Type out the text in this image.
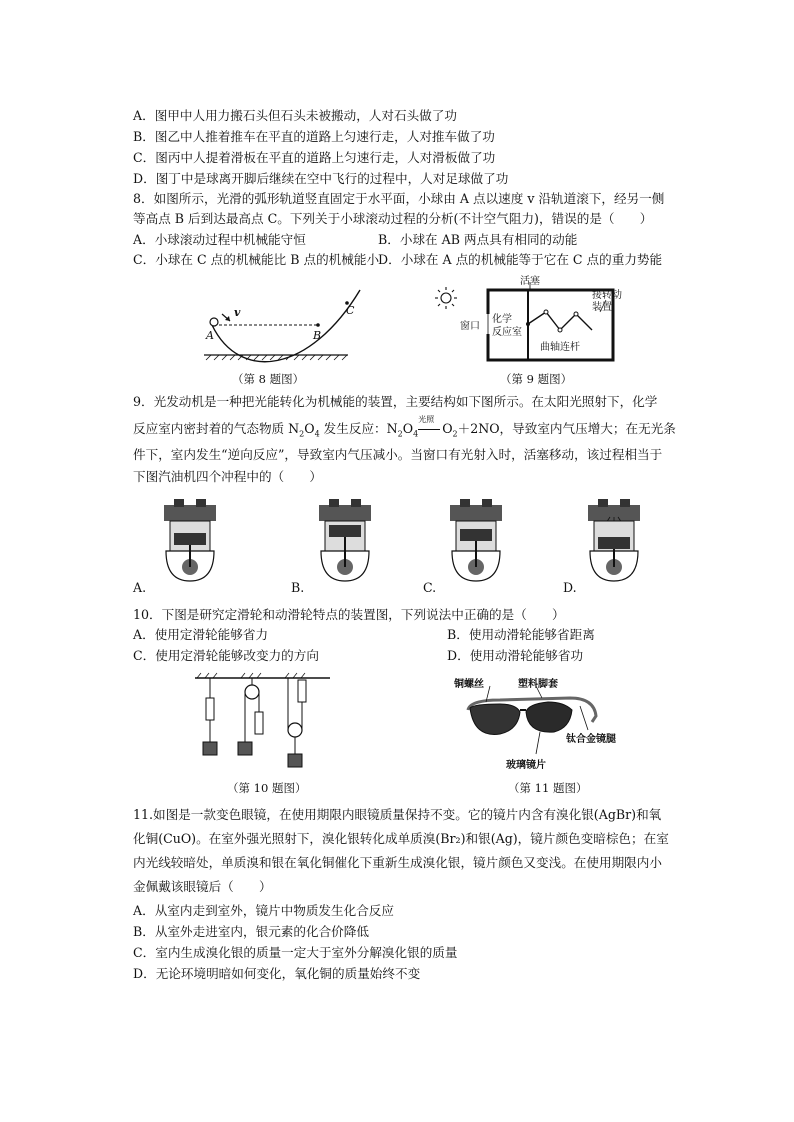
A．图甲中人用力搬石头但石头未被搬动，人对石头做了功
B．图乙中人推着推车在平直的道路上匀速行走，人对推车做了功
C．图丙中人提着滑板在平直的道路上匀速行走，人对滑板做了功
D．图丁中是球离开脚后继续在空中飞行的过程中，人对足球做了功
8．如图所示，光滑的弧形轨道竖直固定于水平面，小球由 A 点以速度 v 沿轨道滚下，经另一侧
等高点 B 后到达最高点 C。下列关于小球滚动过程的分析(不计空气阻力)，错误的是（　　）
A．小球滚动过程中机械能守恒	B．小球在 AB 两点具有相同的动能
C．小球在 C 点的机械能比 B 点的机械能小
D．小球在 A 点的机械能等于它在 C 点的重力势能
v
A	B
C
（第 8 题图）
活塞
窗口
化学
反应室
曲轴连杆
接转动
装置
（第 9 题图）
9．光发动机是一种把光能转化为机械能的装置，主要结构如下图所示。在太阳光照射下，化学
反应室内密封着的气态物质 $N_2O_4$ 发生反应：$N_2O_4$
光照
$O_2+2NO$，导致室内气压增大；在无光条
件下，室内发生“逆向反应”，导致室内气压减小。当窗口有光射入时，活塞移动，该过程相当于
下图汽油机四个冲程中的（　　）
A.	B.	C.	D.
10．下图是研究定滑轮和动滑轮特点的装置图，下列说法中正确的是（　　）
A．使用定滑轮能够省力	B．使用动滑轮能够省距离
C．使用定滑轮能够改变力的方向	D．使用动滑轮能够省功
（第 10 题图）
铜螺丝	塑料脚套
钛合金镜腿
玻璃镜片
（第 11 题图）
11.如图是一款变色眼镜，在使用期限内眼镜质量保持不变。它的镜片内含有溴化银(AgBr)和氧
化铜(CuO)。在室外强光照射下，溴化银转化成单质溴(Br₂)和银(Ag)，镜片颜色变暗棕色；在室
内光线较暗处，单质溴和银在氧化铜催化下重新生成溴化银，镜片颜色又变浅。在使用期限内小
金佩戴该眼镜后（　　）
A．从室内走到室外，镜片中物质发生化合反应
B．从室外走进室内，银元素的化合价降低
C．室内生成溴化银的质量一定大于室外分解溴化银的质量
D．无论环境明暗如何变化，氧化铜的质量始终不变
